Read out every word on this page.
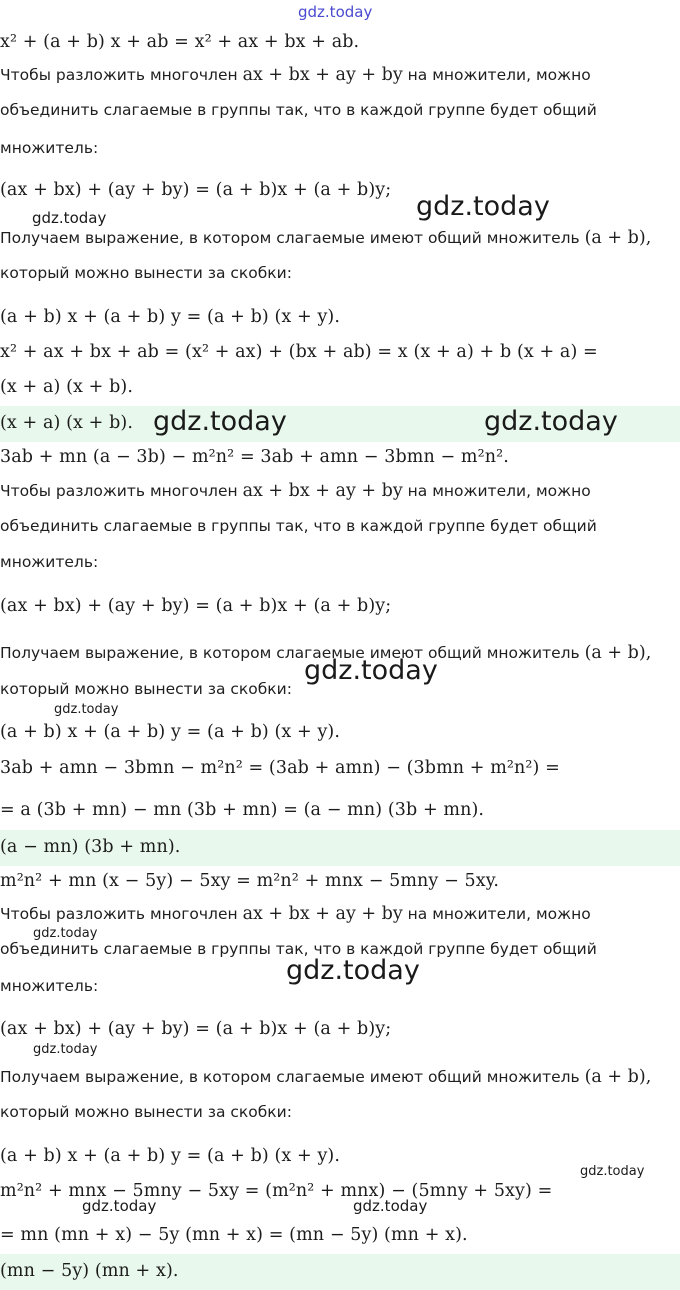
x² + (a + b) x + ab = x² + ax + bx + ab.
Чтобы разложить многочлен ax + bx + ay + by на множители, можно
объединить слагаемые в группы так, что в каждой группе будет общий
множитель:
(ax + bx) + (ay + by) = (a + b)x + (a + b)y;
Получаем выражение, в котором слагаемые имеют общий множитель (a + b),
который можно вынести за скобки:
(a + b) x + (a + b) y = (a + b) (x + y).
x² + ax + bx + ab = (x² + ax) + (bx + ab) = x (x + a) + b (x + a) =
(x + a) (x + b).
(x + a) (x + b).
3ab + mn (a − 3b) − m²n² = 3ab + amn − 3bmn − m²n².
Чтобы разложить многочлен ax + bx + ay + by на множители, можно
объединить слагаемые в группы так, что в каждой группе будет общий
множитель:
(ax + bx) + (ay + by) = (a + b)x + (a + b)y;
Получаем выражение, в котором слагаемые имеют общий множитель (a + b),
который можно вынести за скобки:
(a + b) x + (a + b) y = (a + b) (x + y).
3ab + amn − 3bmn − m²n² = (3ab + amn) − (3bmn + m²n²) =
= a (3b + mn) − mn (3b + mn) = (a − mn) (3b + mn).
(a − mn) (3b + mn).
m²n² + mn (x − 5y) − 5xy = m²n² + mnx − 5mny − 5xy.
Чтобы разложить многочлен ax + bx + ay + by на множители, можно
объединить слагаемые в группы так, что в каждой группе будет общий
множитель:
(ax + bx) + (ay + by) = (a + b)x + (a + b)y;
Получаем выражение, в котором слагаемые имеют общий множитель (a + b),
который можно вынести за скобки:
(a + b) x + (a + b) y = (a + b) (x + y).
m²n² + mnx − 5mny − 5xy = (m²n² + mnx) − (5mny + 5xy) =
= mn (mn + x) − 5y (mn + x) = (mn − 5y) (mn + x).
(mn − 5y) (mn + x).
gdz.today
gdz.today	gdz.today
gdz.today	gdz.today
gdz.today
gdz.today
gdz.today
gdz.today
gdz.today
gdz.today
gdz.today	gdz.today
